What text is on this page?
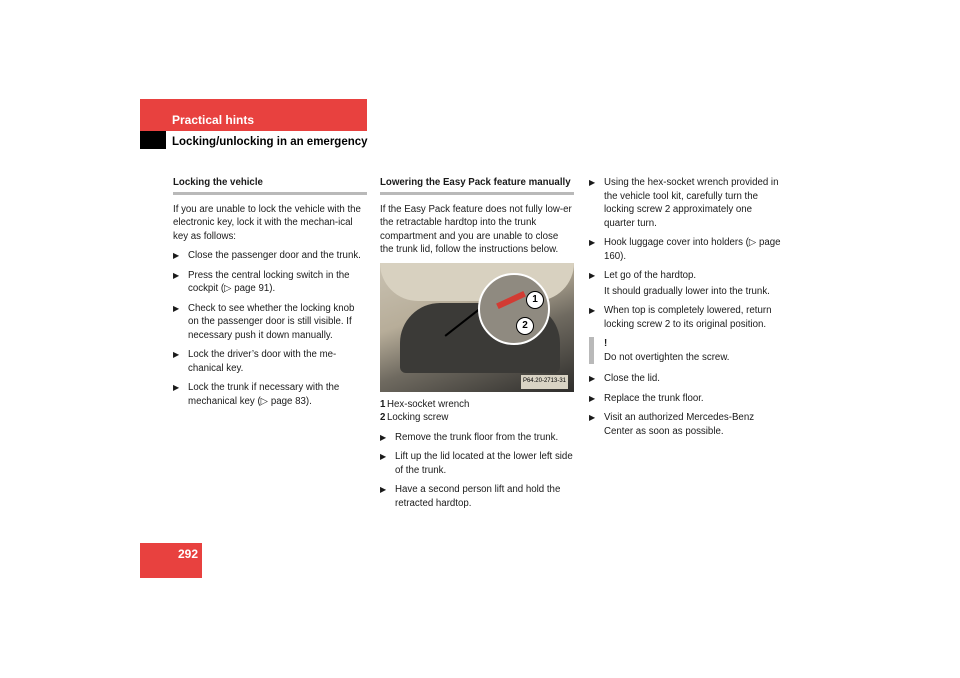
Practical hints
Locking/unlocking in an emergency
Locking the vehicle

If you are unable to lock the vehicle with the electronic key, lock it with the mechan-ical key as follows:

▶ Close the passenger door and the trunk.
▶ Press the central locking switch in the cockpit (▷ page 91).
▶ Check to see whether the locking knob on the passenger door is still visible. If necessary push it down manually.
▶ Lock the driver’s door with the me-chanical key.
▶ Lock the trunk if necessary with the mechanical key (▷ page 83).
Lowering the Easy Pack feature manually

If the Easy Pack feature does not fully low-er the retractable hardtop into the trunk compartment and you are unable to close the trunk lid, follow the instructions below.

1
2
P64.20-2713-31
1 Hex-socket wrench
2 Locking screw
▶ Remove the trunk floor from the trunk.
▶ Lift up the lid located at the lower left side of the trunk.
▶ Have a second person lift and hold the retracted hardtop.
▶ Using the hex-socket wrench provided in the vehicle tool kit, carefully turn the locking screw 2 approximately one quarter turn.
▶ Hook luggage cover into holders (▷ page 160).
▶ Let go of the hardtop.

It should gradually lower into the trunk.

▶ When top is completely lowered, return locking screw 2 to its original position.
!
Do not overtighten the screw.
▶ Close the lid.
▶ Replace the trunk floor.
▶ Visit an authorized Mercedes-Benz Center as soon as possible.
292
